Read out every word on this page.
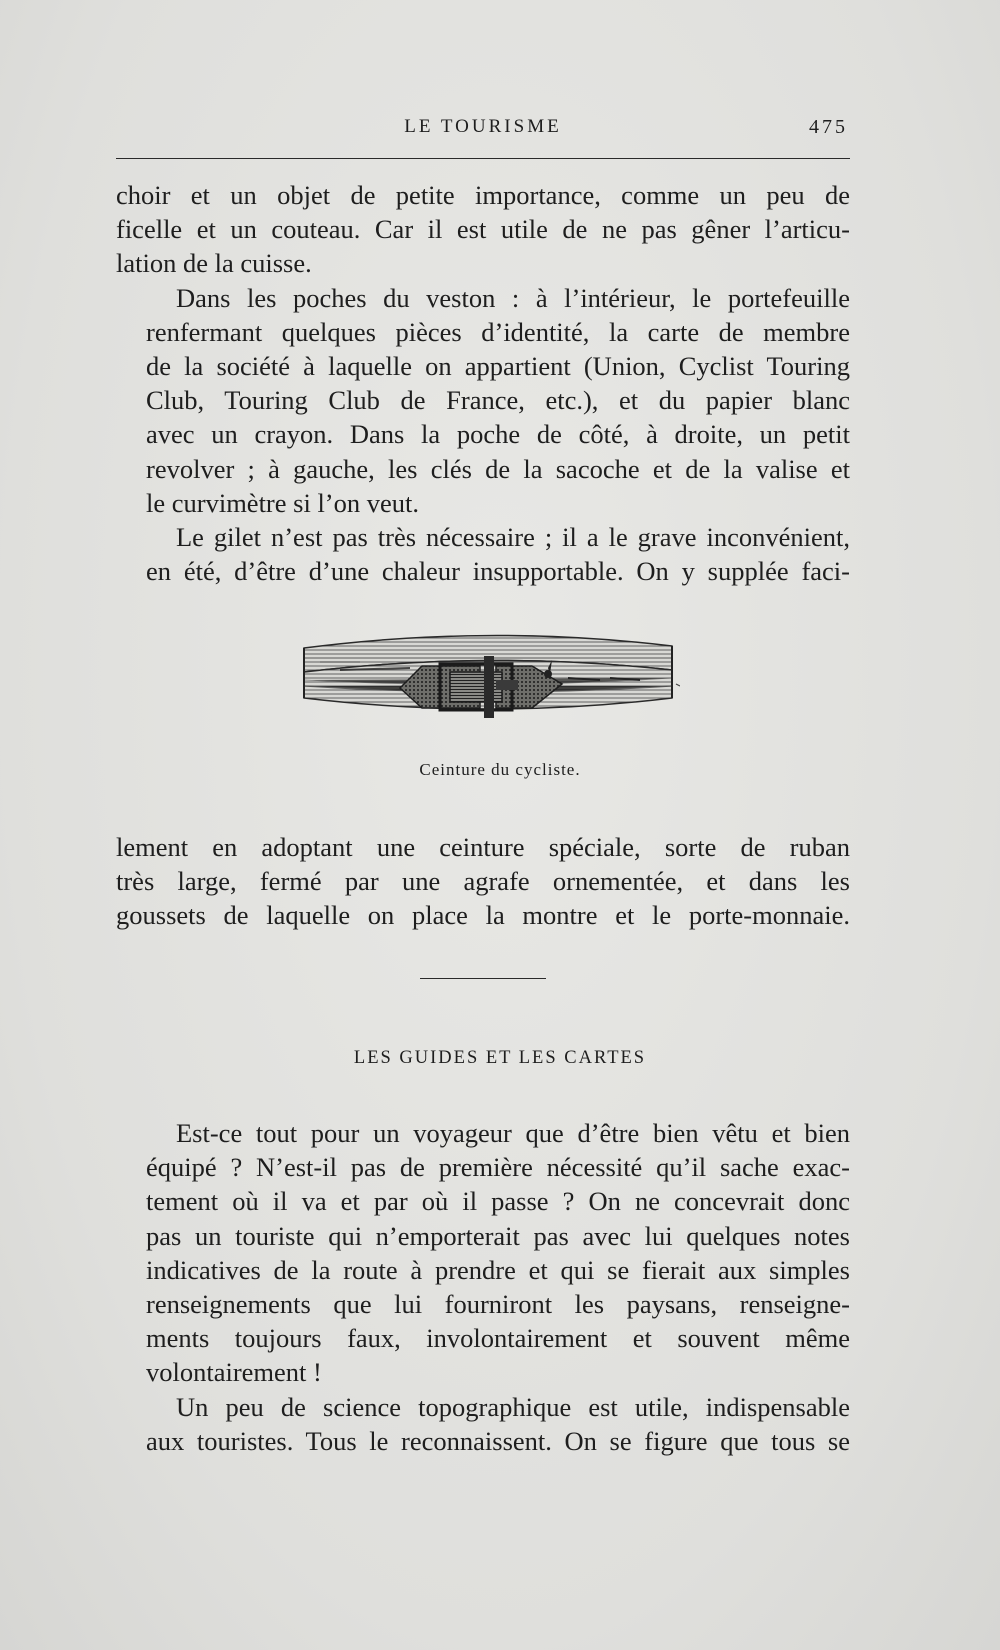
LE TOURISME	475

choir et un objet de petite importance, comme un peu de
ficelle et un couteau. Car il est utile de ne pas gêner l’articu-
lation de la cuisse.

Dans les poches du veston : à l’intérieur, le portefeuille
renfermant quelques pièces d’identité, la carte de membre
de la société à laquelle on appartient (Union, Cyclist Touring
Club, Touring Club de France, etc.), et du papier blanc
avec un crayon. Dans la poche de côté, à droite, un petit
revolver ; à gauche, les clés de la sacoche et de la valise et
le curvimètre si l’on veut.

Le gilet n’est pas très nécessaire ; il a le grave inconvénient,
en été, d’être d’une chaleur insupportable. On y supplée faci-

Ceinture du cycliste.

lement en adoptant une ceinture spéciale, sorte de ruban
très large, fermé par une agrafe ornementée, et dans les
goussets de laquelle on place la montre et le porte-monnaie.

LES GUIDES ET LES CARTES

Est-ce tout pour un voyageur que d’être bien vêtu et bien
équipé ? N’est-il pas de première nécessité qu’il sache exac-
tement où il va et par où il passe ? On ne concevrait donc
pas un touriste qui n’emporterait pas avec lui quelques notes
indicatives de la route à prendre et qui se fierait aux simples
renseignements que lui fourniront les paysans, renseigne-
ments toujours faux, involontairement et souvent même
volontairement !

Un peu de science topographique est utile, indispensable
aux touristes. Tous le reconnaissent. On se figure que tous se
